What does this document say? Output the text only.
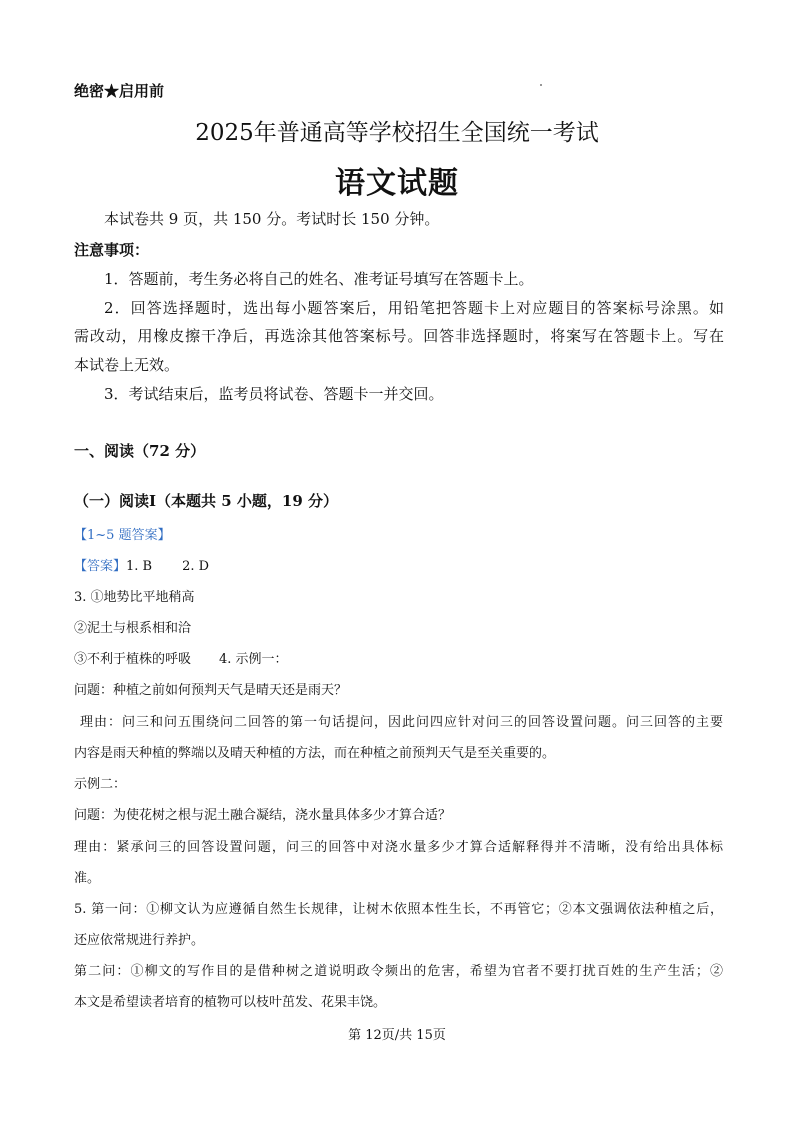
绝密★启用前
2025年普通高等学校招生全国统一考试
语文试题
本试卷共 9 页，共 150 分。考试时长 150 分钟。
注意事项：
1．答题前，考生务必将自己的姓名、准考证号填写在答题卡上。
2．回答选择题时，选出每小题答案后，用铅笔把答题卡上对应题目的答案标号涂黑。如
需改动，用橡皮擦干净后，再选涂其他答案标号。回答非选择题时，将案写在答题卡上。写在
本试卷上无效。
3．考试结束后，监考员将试卷、答题卡一并交回。
一、阅读（72 分）
（一）阅读I（本题共 5 小题，19 分）
【1~5 题答案】
【答案】1. B 2. D
3. ①地势比平地稍高
②泥土与根系相和洽
③不利于植株的呼吸 4. 示例一：
问题：种植之前如何预判天气是晴天还是雨天？
理由：问三和问五围绕问二回答的第一句话提问，因此问四应针对问三的回答设置问题。问三回答的主要
内容是雨天种植的弊端以及晴天种植的方法，而在种植之前预判天气是至关重要的。
示例二：
问题：为使花树之根与泥土融合凝结，浇水量具体多少才算合适？
理由：紧承问三的回答设置问题，问三的回答中对浇水量多少才算合适解释得并不清晰，没有给出具体标
准。
5. 第一问：①柳文认为应遵循自然生长规律，让树木依照本性生长，不再管它；②本文强调依法种植之后，
还应依常规进行养护。
第二问：①柳文的写作目的是借种树之道说明政令频出的危害，希望为官者不要打扰百姓的生产生活；②
本文是希望读者培育的植物可以枝叶茁发、花果丰饶。
第 12页/共 15页
